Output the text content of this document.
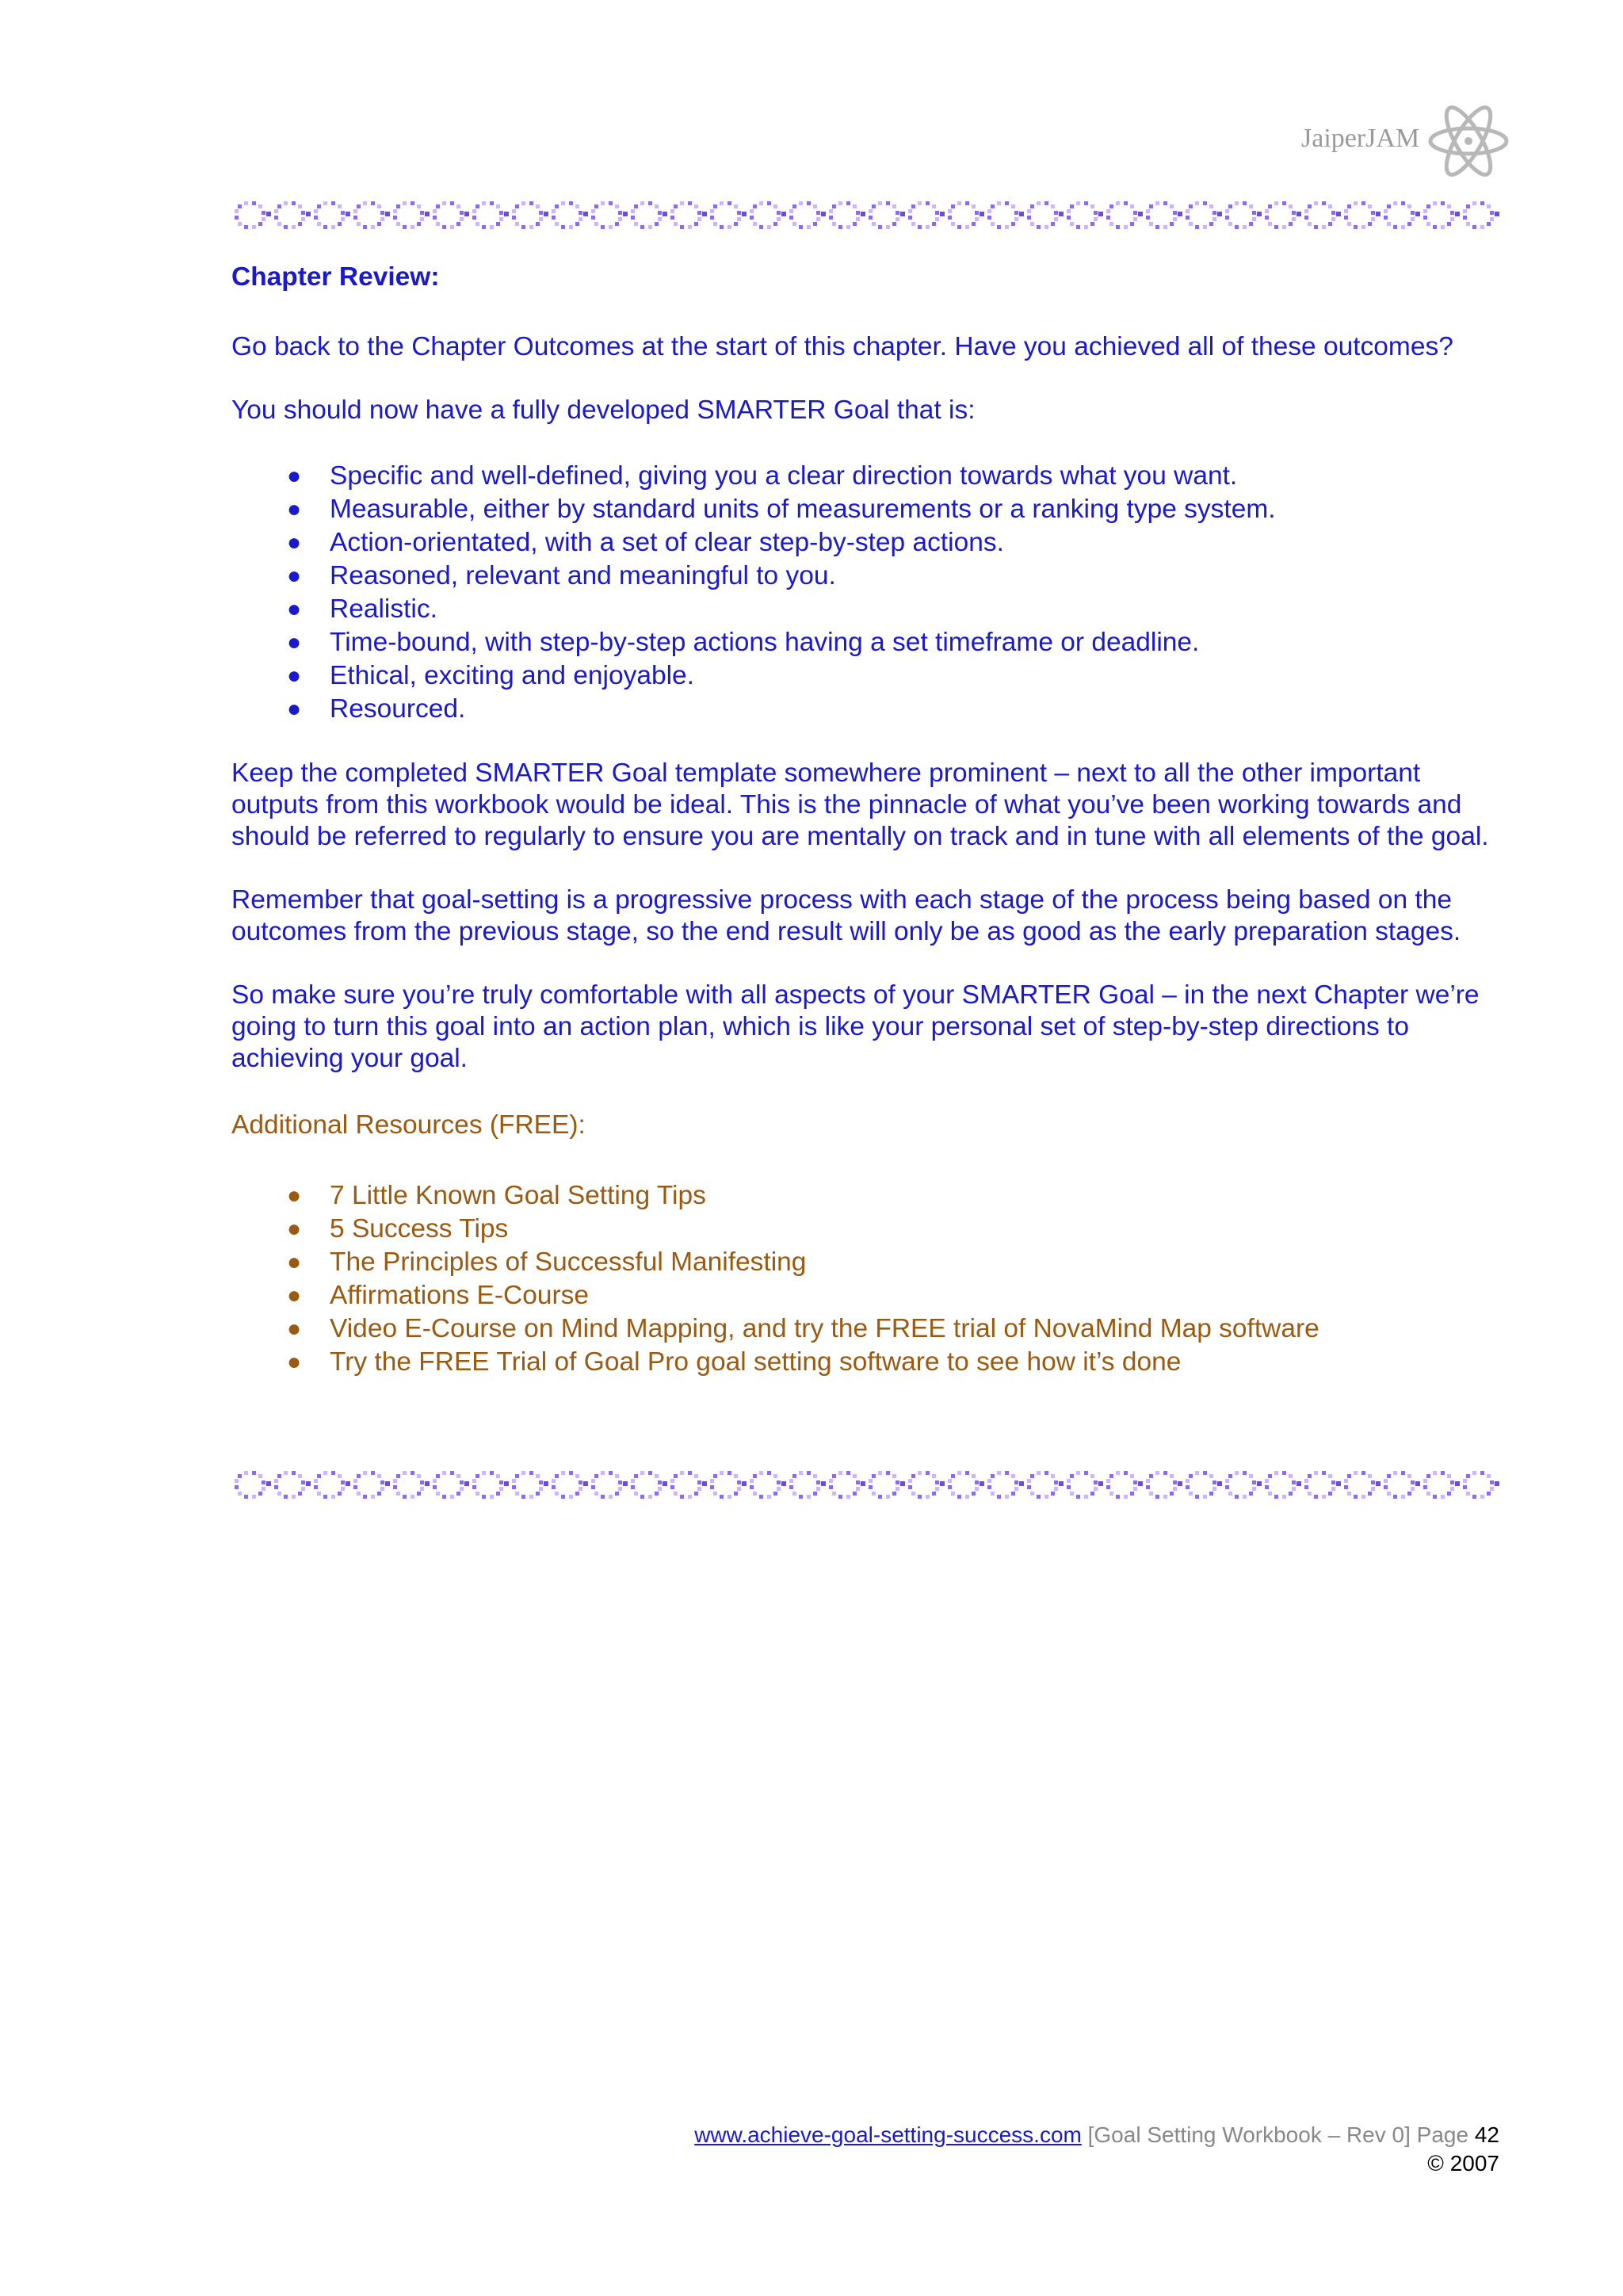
JaiperJAM
Chapter Review:

Go back to the Chapter Outcomes at the start of this chapter. Have you achieved all of these outcomes?

You should now have a fully developed SMARTER Goal that is:

● Specific and well-defined, giving you a clear direction towards what you want.
● Measurable, either by standard units of measurements or a ranking type system.
● Action-orientated, with a set of clear step-by-step actions.
● Reasoned, relevant and meaningful to you.
● Realistic.
● Time-bound, with step-by-step actions having a set timeframe or deadline.
● Ethical, exciting and enjoyable.
● Resourced.

Keep the completed SMARTER Goal template somewhere prominent – next to all the other important outputs from this workbook would be ideal. This is the pinnacle of what you’ve been working towards and should be referred to regularly to ensure you are mentally on track and in tune with all elements of the goal.

Remember that goal-setting is a progressive process with each stage of the process being based on the outcomes from the previous stage, so the end result will only be as good as the early preparation stages.

So make sure you’re truly comfortable with all aspects of your SMARTER Goal – in the next Chapter we’re going to turn this goal into an action plan, which is like your personal set of step-by-step directions to achieving your goal.

Additional Resources (FREE):
● 7 Little Known Goal Setting Tips
● 5 Success Tips
● The Principles of Successful Manifesting
● Affirmations E-Course
● Video E-Course on Mind Mapping, and try the FREE trial of NovaMind Map software
● Try the FREE Trial of Goal Pro goal setting software to see how it’s done
www.achieve-goal-setting-success.com [Goal Setting Workbook – Rev 0] Page 42
© 2007
